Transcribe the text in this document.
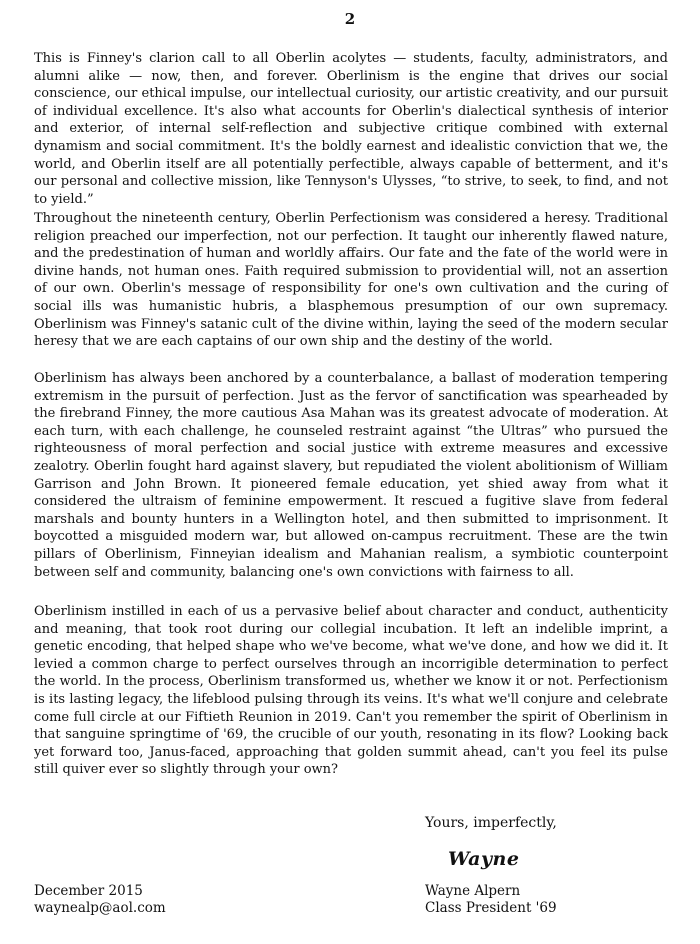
2

This is Finney's clarion call to all Oberlin acolytes — students, faculty, administrators, and alumni alike — now, then, and forever. Oberlinism is the engine that drives our social conscience, our ethical impulse, our intellectual curiosity, our artistic creativity, and our pursuit of individual excellence. It's also what accounts for Oberlin's dialectical synthesis of interior and exterior, of internal self-reflection and subjective critique combined with external dynamism and social commitment. It's the boldly earnest and idealistic conviction that we, the world, and Oberlin itself are all potentially perfectible, always capable of betterment, and it's our personal and collective mission, like Tennyson's Ulysses, “to strive, to seek, to find, and not to yield.”

Throughout the nineteenth century, Oberlin Perfectionism was considered a heresy. Traditional religion preached our imperfection, not our perfection. It taught our inherently flawed nature, and the predestination of human and worldly affairs. Our fate and the fate of the world were in divine hands, not human ones. Faith required submission to providential will, not an assertion of our own. Oberlin's message of responsibility for one's own cultivation and the curing of social ills was humanistic hubris, a blasphemous presumption of our own supremacy. Oberlinism was Finney's satanic cult of the divine within, laying the seed of the modern secular heresy that we are each captains of our own ship and the destiny of the world.

Oberlinism has always been anchored by a counterbalance, a ballast of moderation tempering extremism in the pursuit of perfection. Just as the fervor of sanctification was spearheaded by the firebrand Finney, the more cautious Asa Mahan was its greatest advocate of moderation. At each turn, with each challenge, he counseled restraint against “the Ultras” who pursued the righteousness of moral perfection and social justice with extreme measures and excessive zealotry. Oberlin fought hard against slavery, but repudiated the violent abolitionism of William Garrison and John Brown. It pioneered female education, yet shied away from what it considered the ultraism of feminine empowerment. It rescued a fugitive slave from federal marshals and bounty hunters in a Wellington hotel, and then submitted to imprisonment. It boycotted a misguided modern war, but allowed on-campus recruitment. These are the twin pillars of Oberlinism, Finneyian idealism and Mahanian realism, a symbiotic counterpoint between self and community, balancing one's own convictions with fairness to all.

Oberlinism instilled in each of us a pervasive belief about character and conduct, authenticity and meaning, that took root during our collegial incubation. It left an indelible imprint, a genetic encoding, that helped shape who we've become, what we've done, and how we did it. It levied a common charge to perfect ourselves through an incorrigible determination to perfect the world. In the process, Oberlinism transformed us, whether we know it or not. Perfectionism is its lasting legacy, the lifeblood pulsing through its veins. It's what we'll conjure and celebrate come full circle at our Fiftieth Reunion in 2019. Can't you remember the spirit of Oberlinism in that sanguine springtime of '69, the crucible of our youth, resonating in its flow? Looking back yet forward too, Janus-faced, approaching that golden summit ahead, can't you feel its pulse still quiver ever so slightly through your own?

Yours, imperfectly,
Wayne
December 2015
waynealp@aol.com
Wayne Alpern
Class President '69
